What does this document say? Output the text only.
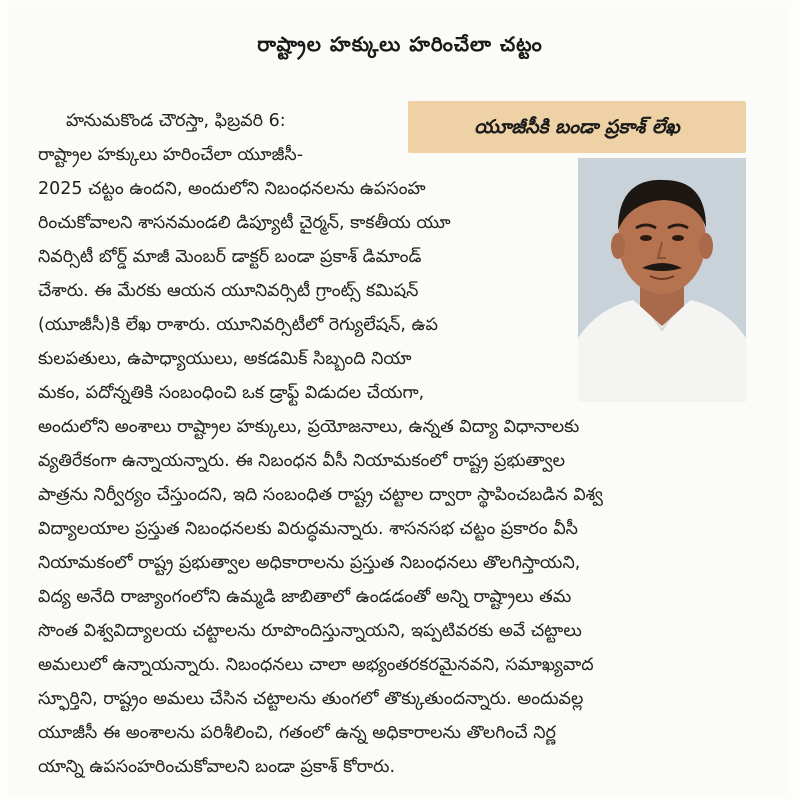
రాష్ట్రాల హక్కులు హరించేలా చట్టం
యూజీసీకి బండా ప్రకాశ్ లేఖ
హనుమకొండ చౌరస్తా, ఫిబ్రవరి 6:
రాష్ట్రాల హక్కులు హరించేలా యూజీసీ-
2025 చట్టం ఉందని, అందులోని నిబంధనలను ఉపసంహ
రించుకోవాలని శాసనమండలి డిప్యూటీ చైర్మన్, కాకతీయ యూ
నివర్సిటీ బోర్డ్ మాజీ మెంబర్ డాక్టర్ బండా ప్రకాశ్ డిమాండ్
చేశారు. ఈ మేరకు ఆయన యూనివర్సిటీ గ్రాంట్స్ కమిషన్
(యూజీసీ)కి లేఖ రాశారు. యూనివర్సిటీలో రెగ్యులేషన్, ఉప
కులపతులు, ఉపాధ్యాయులు, అకడమిక్ సిబ్బంది నియా
మకం, పదోన్నతికి సంబంధించి ఒక డ్రాఫ్ట్ విడుదల చేయగా,
అందులోని అంశాలు రాష్ట్రాల హక్కులు, ప్రయోజనాలు, ఉన్నత విద్యా విధానాలకు
వ్యతిరేకంగా ఉన్నాయన్నారు. ఈ నిబంధన వీసీ నియామకంలో రాష్ట్ర ప్రభుత్వాల
పాత్రను నిర్వీర్యం చేస్తుందని, ఇది సంబంధిత రాష్ట్ర చట్టాల ద్వారా స్థాపించబడిన విశ్వ
విద్యాలయాల ప్రస్తుత నిబంధనలకు విరుద్ధమన్నారు. శాసనసభ చట్టం ప్రకారం వీసీ
నియామకంలో రాష్ట్ర ప్రభుత్వాల అధికారాలను ప్రస్తుత నిబంధనలు తొలగిస్తాయని,
విద్య అనేది రాజ్యాంగంలోని ఉమ్మడి జాబితాలో ఉండడంతో అన్ని రాష్ట్రాలు తమ
సొంత విశ్వవిద్యాలయ చట్టాలను రూపొందిస్తున్నాయని, ఇప్పటివరకు అవే చట్టాలు
అమలులో ఉన్నాయన్నారు. నిబంధనలు చాలా అభ్యంతరకరమైనవని, సమాఖ్యవాద
స్ఫూర్తిని, రాష్ట్రం అమలు చేసిన చట్టాలను తుంగలో తొక్కుతుందన్నారు. అందువల్ల
యూజీసీ ఈ అంశాలను పరిశీలించి, గతంలో ఉన్న అధికారాలను తొలగించే నిర్ణ
యాన్ని ఉపసంహరించుకోవాలని బండా ప్రకాశ్ కోరారు.
